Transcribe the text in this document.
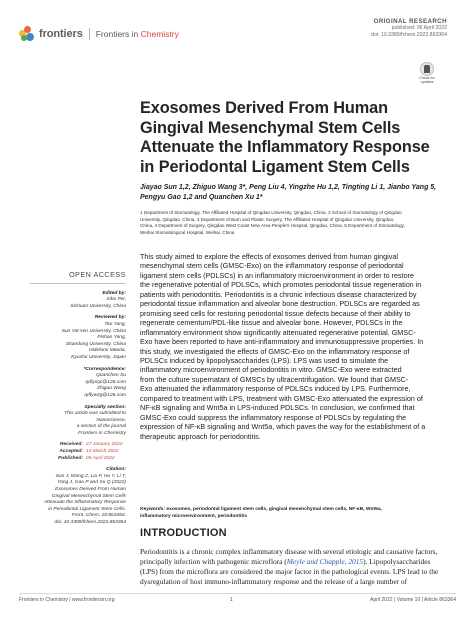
frontiers Frontiers in Chemistry
ORIGINAL RESEARCH
published: 06 April 2022
doi: 10.3389/fchem.2022.863364
Check for updates
Exosomes Derived From Human
Gingival Mesenchymal Stem Cells
Attenuate the Inflammatory Response
in Periodontal Ligament Stem Cells
Jiayao Sun 1,2, Zhiguo Wang 3*, Peng Liu 4, Yingzhe Hu 1,2, Tingting Li 1, Jianbo Yang 5,
Pengyu Gao 1,2 and Quanchen Xu 1*
1 Department of Stomatology, The Affiliated Hospital of Qingdao University, Qingdao, China, 2 School of Stomatology of Qingdao
University, Qingdao, China, 3 Department of Burn and Plastic Surgery, The Affiliated Hospital of Qingdao University, Qingdao,
China, 4 Department of Surgery, Qingdao West Coast New Area People's Hospital, Qingdao, China, 5 Department of Stomatology,
Weihai Stomatological Hospital, Weihai, China
OPEN ACCESS
Edited by:
Xibo Pei,
Sichuan University, China
Reviewed by:
Tao Yang,
Sun Yat-sen University, China
Pishan Yang,
Shandong University, China
Hidefumi Maeda,
Kyushu University, Japan
*Correspondence:
Quanchen Xu
qdfyxqc@126.com
Zhiguo Wang
qdfywzg@126.com
Specialty section:
This article was submitted to
Nanoscience,
a section of the journal
Frontiers in Chemistry
Received: 27 January 2022
Accepted: 10 March 2022
Published: 06 April 2022
Citation:
Sun J, Wang Z, Liu P, Hu Y, Li T,
Yang J, Gao P and Xu Q (2022)
Exosomes Derived From Human
Gingival Mesenchymal Stem Cells
Attenuate the Inflammatory Response
in Periodontal Ligament Stem Cells.
Front. Chem. 10:863364.
doi: 10.3389/fchem.2022.863364
This study aimed to explore the effects of exosomes derived from human gingival
mesenchymal stem cells (GMSC-Exo) on the inflammatory response of periodontal
ligament stem cells (PDLSCs) in an inflammatory microenvironment in order to restore
the regenerative potential of PDLSCs, which promotes periodontal tissue regeneration in
patients with periodontitis. Periodontitis is a chronic infectious disease characterized by
periodontal tissue inflammation and alveolar bone destruction. PDLSCs are regarded as
promising seed cells for restoring periodontal tissue defects because of their ability to
regenerate cementum/PDL-like tissue and alveolar bone. However, PDLSCs in the
inflammatory environment show significantly attenuated regenerative potential. GMSC-
Exo have been reported to have anti-inflammatory and immunosuppressive properties. In
this study, we investigated the effects of GMSC-Exo on the inflammatory response of
PDLSCs induced by lipopolysaccharides (LPS). LPS was used to simulate the
inflammatory microenvironment of periodontitis in vitro. GMSC-Exo were extracted
from the culture supernatant of GMSCs by ultracentrifugation. We found that GMSC-
Exo attenuated the inflammatory response of PDLSCs induced by LPS. Furthermore,
compared to treatment with LPS, treatment with GMSC-Exo attenuated the expression of
NF-κB signaling and Wnt5a in LPS-induced PDLSCs. In conclusion, we confirmed that
GMSC-Exo could suppress the inflammatory response of PDLSCs by regulating the
expression of NF-κB signaling and Wnt5a, which paves the way for the establishment of a
therapeutic approach for periodontitis.
Keywords: exosomes, periodontal ligament stem cells, gingival mesenchymal stem cells, NF-κB, Wnt5a,
inflammatory microenvironment, periodontitis
INTRODUCTION
Periodontitis is a chronic complex inflammatory disease with several etiologic and causative factors,
principally infection with pathogenic microflora (Meyle and Chapple, 2015). Lipopolysaccharides
(LPS) from the microflora are considered the major factor in the pathological events. LPS lead to the
dysregulation of host immuno-inflammatory response and the release of a large number of
Frontiers in Chemistry | www.frontiersin.org	1	April 2022 | Volume 10 | Article 863364
